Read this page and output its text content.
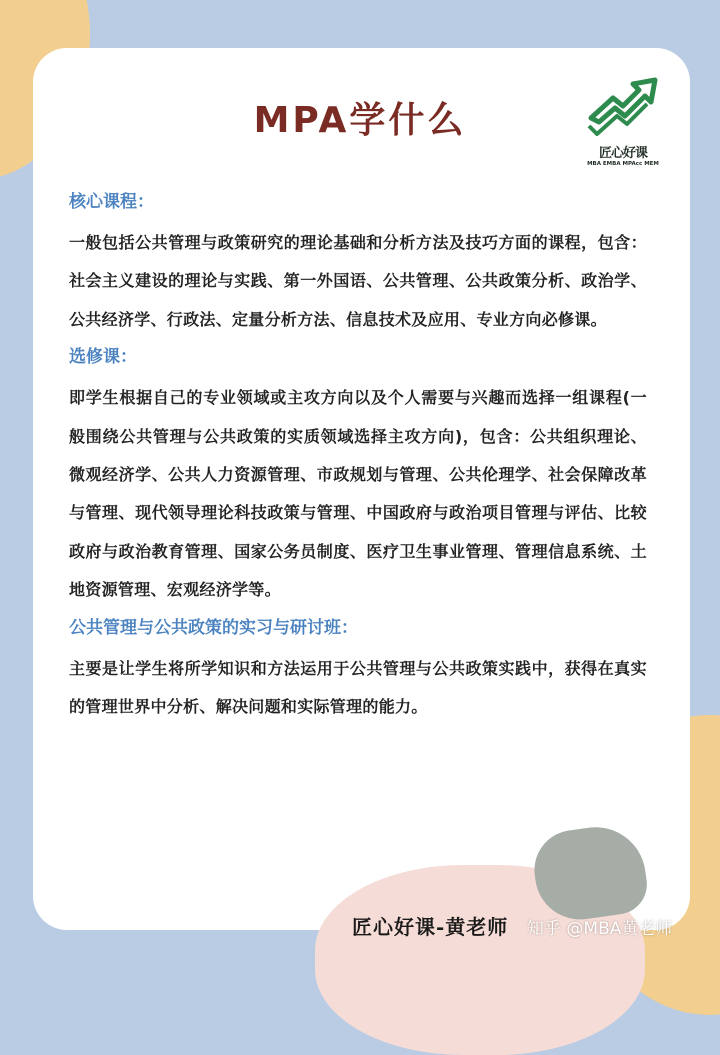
MPA学什么
匠心好课
MBA EMBA MPAcc MEM
核心课程：

一般包括公共管理与政策研究的理论基础和分析方法及技巧方面的课程，包含：社会主义建设的理论与实践、第一外国语、公共管理、公共政策分析、政治学、公共经济学、行政法、定量分析方法、信息技术及应用、专业方向必修课。

选修课：

即学生根据自己的专业领域或主攻方向以及个人需要与兴趣而选择一组课程(一般围绕公共管理与公共政策的实质领域选择主攻方向)，包含：公共组织理论、微观经济学、公共人力资源管理、市政规划与管理、公共伦理学、社会保障改革与管理、现代领导理论科技政策与管理、中国政府与政治项目管理与评估、比较政府与政治教育管理、国家公务员制度、医疗卫生事业管理、管理信息系统、土地资源管理、宏观经济学等。

公共管理与公共政策的实习与研讨班：

主要是让学生将所学知识和方法运用于公共管理与公共政策实践中，获得在真实的管理世界中分析、解决问题和实际管理的能力。

匠心好课-黄老师 知乎 @MBA黄老师
